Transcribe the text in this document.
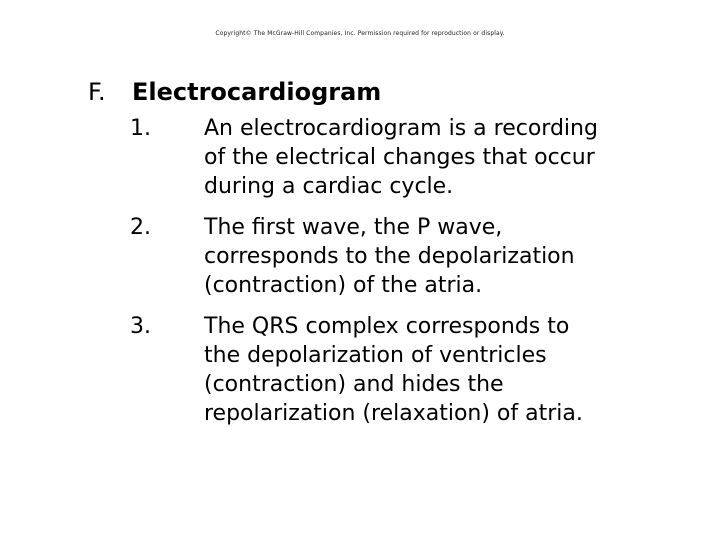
Copyright© The McGraw-Hill Companies, Inc. Permission required for reproduction or display.
F. Electrocardiogram
1. An electrocardiogram is a recording
of the electrical changes that occur
during a cardiac cycle.
2. The first wave, the P wave,
corresponds to the depolarization
(contraction) of the atria.
3. The QRS complex corresponds to
the depolarization of ventricles
(contraction) and hides the
repolarization (relaxation) of atria.
